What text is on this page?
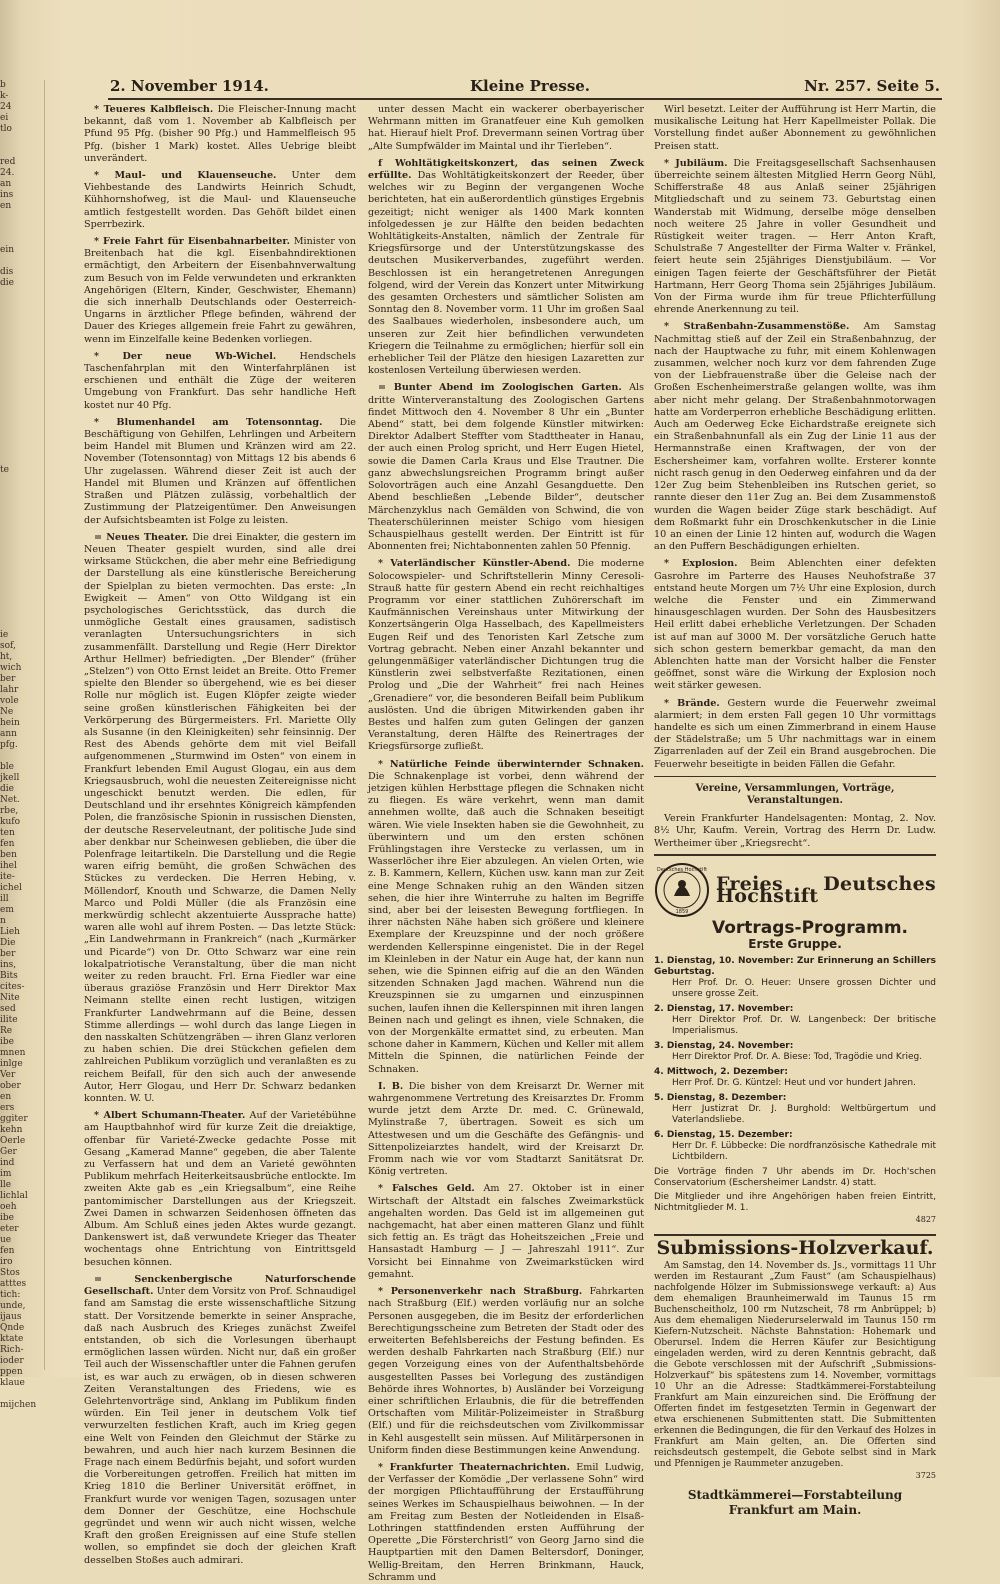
b
k-
24
ei
tlo

red
24.
an
ins
en

ein

dis
die

te

ie
sof,
ht,
wich
ber
lahr
vole
Ne
hein
ann
pfg.

ble
jkell
die
Net.
rbe,
kufo
ten
fen
ben
ihel
ite-
ichel
ill
em
n
Lieh
Die
ber
ins,
Bits
cites-
Nite
sed
ilite
Re
ibe
mnen
inlge
Ver
ober
en
ers
ggiter
kehn
Oerle
Ger
ind
im
lle
lichlal
oeh
ibe
eter
ue
fen
iro
Stos
atttes
tich:
unde,
ijaus
Qnde
ktate
Rich-
ioder
ppen
klaue

mijchen
2. November 1914.	Kleine Presse.	Nr. 257. Seite 5.

* Teueres Kalbfleisch. Die Fleischer-Innung macht bekannt, daß vom 1. November ab Kalbfleisch per Pfund 95 Pfg. (bisher 90 Pfg.) und Hammelfleisch 95 Pfg. (bisher 1 Mark) kostet. Alles Uebrige bleibt unverändert.

* Maul- und Klauenseuche. Unter dem Viehbestande des Landwirts Heinrich Schudt, Kühhornshofweg, ist die Maul- und Klauenseuche amtlich festgestellt worden. Das Gehöft bildet einen Sperrbezirk.

* Freie Fahrt für Eisenbahnarbeiter. Minister von Breitenbach hat die kgl. Eisenbahndirektionen ermächtigt, den Arbeitern der Eisenbahnverwaltung zum Besuch von im Felde verwundeten und erkrankten Angehörigen (Eltern, Kinder, Geschwister, Ehemann) die sich innerhalb Deutschlands oder Oesterreich-Ungarns in ärztlicher Pflege befinden, während der Dauer des Krieges allgemein freie Fahrt zu gewähren, wenn im Einzelfalle keine Bedenken vorliegen.

* Der neue Wb-Wichel. Hendschels Taschenfahrplan mit den Winterfahrplänen ist erschienen und enthält die Züge der weiteren Umgebung von Frankfurt. Das sehr handliche Heft kostet nur 40 Pfg.

* Blumenhandel am Totensonntag. Die Beschäftigung von Gehilfen, Lehrlingen und Arbeitern beim Handel mit Blumen und Kränzen wird am 22. November (Totensonntag) von Mittags 12 bis abends 6 Uhr zugelassen. Während dieser Zeit ist auch der Handel mit Blumen und Kränzen auf öffentlichen Straßen und Plätzen zulässig, vorbehaltlich der Zustimmung der Platzeigentümer. Den Anweisungen der Aufsichtsbeamten ist Folge zu leisten.

= Neues Theater. Die drei Einakter, die gestern im Neuen Theater gespielt wurden, sind alle drei wirksame Stückchen, die aber mehr eine Befriedigung der Darstellung als eine künstlerische Bereicherung der Spielplan zu bieten vermochten. Das erste: „In Ewigkeit — Amen“ von Otto Wildgang ist ein psychologisches Gerichtsstück, das durch die unmögliche Gestalt eines grausamen, sadistisch veranlagten Untersuchungsrichters in sich zusammenfällt. Darstellung und Regie (Herr Direktor Arthur Hellmer) befriedigten. „Der Blender“ (früher „Stelzen“) von Otto Ernst leidet an Breite. Otto Fremer spielte den Blender so übergehend, wie es bei dieser Rolle nur möglich ist. Eugen Klöpfer zeigte wieder seine großen künstlerischen Fähigkeiten bei der Verkörperung des Bürgermeisters. Frl. Mariette Olly als Susanne (in den Kleinigkeiten) sehr feinsinnig. Der Rest des Abends gehörte dem mit viel Beifall aufgenommenen „Sturmwind im Osten“ von einem in Frankfurt lebenden Emil August Glogau, ein aus dem Kriegsausbruch, wohl die neuesten Zeitereignisse nicht ungeschickt benutzt werden. Die edlen, für Deutschland und ihr ersehntes Königreich kämpfenden Polen, die französische Spionin in russischen Diensten, der deutsche Reserveleutnant, der politische Jude sind aber denkbar nur Scheinwesen geblieben, die über die Polenfrage leitartikeln. Die Darstellung und die Regie waren eifrig bemüht, die großen Schwächen des Stückes zu verdecken. Die Herren Hebing, v. Möllendorf, Knouth und Schwarze, die Damen Nelly Marco und Poldi Müller (die als Französin eine merkwürdig schlecht akzentuierte Aussprache hatte) waren alle wohl auf ihrem Posten. — Das letzte Stück: „Ein Landwehrmann in Frankreich“ (nach „Kurmärker und Picarde“) von Dr. Otto Schwarz war eine rein lokalpatriotische Veranstaltung, über die man nicht weiter zu reden braucht. Frl. Erna Fiedler war eine überaus graziöse Französin und Herr Direktor Max Neimann stellte einen recht lustigen, witzigen Frankfurter Landwehrmann auf die Beine, dessen Stimme allerdings — wohl durch das lange Liegen in den nasskalten Schützengräben — ihren Glanz verloren zu haben schien. Die drei Stückchen gefielen dem zahlreichen Publikum vorzüglich und veranlaßten es zu reichem Beifall, für den sich auch der anwesende Autor, Herr Glogau, und Herr Dr. Schwarz bedanken konnten. W. U.

* Albert Schumann-Theater. Auf der Varietébühne am Hauptbahnhof wird für kurze Zeit die dreiaktige, offenbar für Varieté-Zwecke gedachte Posse mit Gesang „Kamerad Manne“ gegeben, die aber Talente zu Verfassern hat und dem an Varieté gewöhnten Publikum mehrfach Heiterkeitsausbrüche entlockte. Im zweiten Akte gab es „ein Kriegsalbum“, eine Reihe pantomimischer Darstellungen aus der Kriegszeit. Zwei Damen in schwarzen Seidenhosen öffneten das Album. Am Schluß eines jeden Aktes wurde gezangt. Dankenswert ist, daß verwundete Krieger das Theater wochentags ohne Entrichtung von Eintrittsgeld besuchen können.

= Senckenbergische Naturforschende Gesellschaft. Unter dem Vorsitz von Prof. Schnaudigel fand am Samstag die erste wissenschaftliche Sitzung statt. Der Vorsitzende bemerkte in seiner Ansprache, daß nach Ausbruch des Krieges zunächst Zweifel entstanden, ob sich die Vorlesungen überhaupt ermöglichen lassen würden. Nicht nur, daß ein großer Teil auch der Wissenschaftler unter die Fahnen gerufen ist, es war auch zu erwägen, ob in diesen schweren Zeiten Veranstaltungen des Friedens, wie es Gelehrtenvorträge sind, Anklang im Publikum finden würden. Ein Teil jener in deutschem Volk tief verwurzelten festlichen Kraft, auch im Krieg gegen eine Welt von Feinden den Gleichmut der Stärke zu bewahren, und auch hier nach kurzem Besinnen die Frage nach einem Bedürfnis bejaht, und sofort wurden die Vorbereitungen getroffen. Freilich hat mitten im Krieg 1810 die Berliner Universität eröffnet, in Frankfurt wurde vor wenigen Tagen, sozusagen unter dem Donner der Geschütze, eine Hochschule gegründet und wenn wir auch nicht wissen, welche Kraft den großen Ereignissen auf eine Stufe stellen wollen, so empfindet sie doch der gleichen Kraft desselben Stoßes auch admirari.

unter dessen Macht ein wackerer oberbayerischer Wehrmann mitten im Granatfeuer eine Kuh gemolken hat. Hierauf hielt Prof. Drevermann seinen Vortrag über „Alte Sumpfwälder im Maintal und ihr Tierleben“.

f Wohltätigkeitskonzert, das seinen Zweck erfüllte. Das Wohltätigkeitskonzert der Reeder, über welches wir zu Beginn der vergangenen Woche berichteten, hat ein außerordentlich günstiges Ergebnis gezeitigt; nicht weniger als 1400 Mark konnten infolgedessen je zur Hälfte den beiden bedachten Wohltätigkeits-Anstalten, nämlich der Zentrale für Kriegsfürsorge und der Unterstützungskasse des deutschen Musikerverbandes, zugeführt werden. Beschlossen ist ein herangetretenen Anregungen folgend, wird der Verein das Konzert unter Mitwirkung des gesamten Orchesters und sämtlicher Solisten am Sonntag den 8. November vorm. 11 Uhr im großen Saal des Saalbaues wiederholen, insbesondere auch, um unseren zur Zeit hier befindlichen verwundeten Kriegern die Teilnahme zu ermöglichen; hierfür soll ein erheblicher Teil der Plätze den hiesigen Lazaretten zur kostenlosen Verteilung überwiesen werden.

= Bunter Abend im Zoologischen Garten. Als dritte Winterveranstaltung des Zoologischen Gartens findet Mittwoch den 4. November 8 Uhr ein „Bunter Abend“ statt, bei dem folgende Künstler mitwirken: Direktor Adalbert Steffter vom Stadttheater in Hanau, der auch einen Prolog spricht, und Herr Eugen Hietel, sowie die Damen Carla Kraus und Else Trautner. Die ganz abwechslungsreichen Programm bringt außer Solovorträgen auch eine Anzahl Gesangduette. Den Abend beschließen „Lebende Bilder“, deutscher Märchenzyklus nach Gemälden von Schwind, die von Theaterschülerinnen meister Schigo vom hiesigen Schauspielhaus gestellt werden. Der Eintritt ist für Abonnenten frei; Nichtabonnenten zahlen 50 Pfennig.

* Vaterländischer Künstler-Abend. Die moderne Solocowspieler- und Schriftstellerin Minny Ceresoli-Strauß hatte für gestern Abend ein recht reichhaltiges Programm vor einer stattlichen Zuhörerschaft im Kaufmännischen Vereinshaus unter Mitwirkung der Konzertsängerin Olga Hasselbach, des Kapellmeisters Eugen Reif und des Tenoristen Karl Zetsche zum Vortrag gebracht. Neben einer Anzahl bekannter und gelungenmäßiger vaterländischer Dichtungen trug die Künstlerin zwei selbstverfaßte Rezitationen, einen Prolog und „Die der Wahrheit“ frei nach Heines „Grenadiere“ vor, die besonderen Beifall beim Publikum auslösten. Und die übrigen Mitwirkenden gaben ihr Bestes und halfen zum guten Gelingen der ganzen Veranstaltung, deren Hälfte des Reinertrages der Kriegsfürsorge zufließt.

* Natürliche Feinde überwinternder Schnaken. Die Schnakenplage ist vorbei, denn während der jetzigen kühlen Herbsttage pflegen die Schnaken nicht zu fliegen. Es wäre verkehrt, wenn man damit annehmen wollte, daß auch die Schnaken beseitigt wären. Wie viele Insekten haben sie die Gewohnheit, zu überwintern und um den ersten schönen Frühlingstagen ihre Verstecke zu verlassen, um in Wasserlöcher ihre Eier abzulegen. An vielen Orten, wie z. B. Kammern, Kellern, Küchen usw. kann man zur Zeit eine Menge Schnaken ruhig an den Wänden sitzen sehen, die hier ihre Winterruhe zu halten im Begriffe sind, aber bei der leisesten Bewegung fortfliegen. In ihrer nächsten Nähe haben sich größere und kleinere Exemplare der Kreuzspinne und der noch größere werdenden Kellerspinne eingenistet. Die in der Regel im Kleinleben in der Natur ein Auge hat, der kann nun sehen, wie die Spinnen eifrig auf die an den Wänden sitzenden Schnaken Jagd machen. Während nun die Kreuzspinnen sie zu umgarnen und einzuspinnen suchen, laufen ihnen die Kellerspinnen mit ihren langen Beinen nach und gelingt es ihnen, viele Schnaken, die von der Morgenkälte ermattet sind, zu erbeuten. Man schone daher in Kammern, Küchen und Keller mit allem Mitteln die Spinnen, die natürlichen Feinde der Schnaken.

I. B. Die bisher von dem Kreisarzt Dr. Werner mit wahrgenommene Vertretung des Kreisarztes Dr. Fromm wurde jetzt dem Arzte Dr. med. C. Grünewald, Mylinstraße 7, übertragen. Soweit es sich um Attestwesen und um die Geschäfte des Gefängnis- und Sittenpolizeiarztes handelt, wird der Kreisarzt Dr. Fromm nach wie vor vom Stadtarzt Sanitätsrat Dr. König vertreten.

* Falsches Geld. Am 27. Oktober ist in einer Wirtschaft der Altstadt ein falsches Zweimarkstück angehalten worden. Das Geld ist im allgemeinen gut nachgemacht, hat aber einen matteren Glanz und fühlt sich fettig an. Es trägt das Hoheitszeichen „Freie und Hansastadt Hamburg — J — Jahreszahl 1911“. Zur Vorsicht bei Einnahme von Zweimarkstücken wird gemahnt.

* Personenverkehr nach Straßburg. Fahrkarten nach Straßburg (Elf.) werden vorläufig nur an solche Personen ausgegeben, die im Besitz der erforderlichen Berechtigungsscheine zum Betreten der Stadt oder des erweiterten Befehlsbereichs der Festung befinden. Es werden deshalb Fahrkarten nach Straßburg (Elf.) nur gegen Vorzeigung eines von der Aufenthaltsbehörde ausgestellten Passes bei Vorlegung des zuständigen Behörde ihres Wohnortes, b) Ausländer bei Vorzeigung einer schriftlichen Erlaubnis, die für die betreffenden Ortschaften vom Militär-Polizeimeister in Straßburg (Elf.) und für die reichsdeutschen vom Zivilkommissar in Kehl ausgestellt sein müssen. Auf Militärpersonen in Uniform finden diese Bestimmungen keine Anwendung.

* Frankfurter Theaternachrichten. Emil Ludwig, der Verfasser der Komödie „Der verlassene Sohn“ wird der morgigen Pflichtaufführung der Erstaufführung seines Werkes im Schauspielhaus beiwohnen. — In der am Freitag zum Besten der Notleidenden in Elsaß-Lothringen stattfindenden ersten Aufführung der Operette „Die Försterchristl“ von Georg Jarno sind die Hauptpartien mit den Damen Beltersdorf, Doninger, Wellig-Breitam, den Herren Brinkmann, Hauck, Schramm und

Wirl besetzt. Leiter der Aufführung ist Herr Martin, die musikalische Leitung hat Herr Kapellmeister Pollak. Die Vorstellung findet außer Abonnement zu gewöhnlichen Preisen statt.

* Jubiläum. Die Freitagsgesellschaft Sachsenhausen überreichte seinem ältesten Mitglied Herrn Georg Nühl, Schifferstraße 48 aus Anlaß seiner 25jährigen Mitgliedschaft und zu seinem 73. Geburtstag einen Wanderstab mit Widmung, derselbe möge denselben noch weitere 25 Jahre in voller Gesundheit und Rüstigkeit weiter tragen. — Herr Anton Kraft, Schulstraße 7 Angestellter der Firma Walter v. Fränkel, feiert heute sein 25jähriges Dienstjubiläum. — Vor einigen Tagen feierte der Geschäftsführer der Pietät Hartmann, Herr Georg Thoma sein 25jähriges Jubiläum. Von der Firma wurde ihm für treue Pflichterfüllung ehrende Anerkennung zu teil.

* Straßenbahn-Zusammenstöße. Am Samstag Nachmittag stieß auf der Zeil ein Straßenbahnzug, der nach der Hauptwache zu fuhr, mit einem Kohlenwagen zusammen, welcher noch kurz vor dem fahrenden Zuge von der Liebfrauenstraße über die Geleise nach der Großen Eschenheimerstraße gelangen wollte, was ihm aber nicht mehr gelang. Der Straßenbahnmotorwagen hatte am Vorderperron erhebliche Beschädigung erlitten. Auch am Oederweg Ecke Eichardstraße ereignete sich ein Straßenbahnunfall als ein Zug der Linie 11 aus der Hermannstraße einen Kraftwagen, der von der Eschersheimer kam, vorfahren wollte. Ersterer konnte nicht rasch genug in den Oederweg einfahren und da der 12er Zug beim Stehenbleiben ins Rutschen geriet, so rannte dieser den 11er Zug an. Bei dem Zusammenstoß wurden die Wagen beider Züge stark beschädigt. Auf dem Roßmarkt fuhr ein Droschkenkutscher in die Linie 10 an einen der Linie 12 hinten auf, wodurch die Wagen an den Puffern Beschädigungen erhielten.

* Explosion. Beim Ablenchten einer defekten Gasrohre im Parterre des Hauses Neuhofstraße 37 entstand heute Morgen um 7½ Uhr eine Explosion, durch welche die Fenster und ein Zimmerwand hinausgeschlagen wurden. Der Sohn des Hausbesitzers Heil erlitt dabei erhebliche Verletzungen. Der Schaden ist auf man auf 3000 M. Der vorsätzliche Geruch hatte sich schon gestern bemerkbar gemacht, da man den Ablenchten hatte man der Vorsicht halber die Fenster geöffnet, sonst wäre die Wirkung der Explosion noch weit stärker gewesen.

* Brände. Gestern wurde die Feuerwehr zweimal alarmiert; in dem ersten Fall gegen 10 Uhr vormittags handelte es sich um einen Zimmerbrand in einem Hause der Städelstraße; um 5 Uhr nachmittags war in einem Zigarrenladen auf der Zeil ein Brand ausgebrochen. Die Feuerwehr beseitigte in beiden Fällen die Gefahr.

Vereine, Versammlungen, Vorträge, Veranstaltungen.

Verein Frankfurter Handelsagenten: Montag, 2. Nov. 8½ Uhr, Kaufm. Verein, Vortrag des Herrn Dr. Ludw. Wertheimer über „Kriegsrecht“.

Deutsches Hochstift
1859
Freies Deutsches Hochstift
Vortrags-Programm.
Erste Gruppe.
1. Dienstag, 10. November: Zur Erinnerung an Schillers Geburtstag.
Herr Prof. Dr. O. Heuer: Unsere grossen Dichter und unsere grosse Zeit.
2. Dienstag, 17. November:
Herr Direktor Prof. Dr. W. Langenbeck: Der britische Imperialismus.
3. Dienstag, 24. November:
Herr Direktor Prof. Dr. A. Biese: Tod, Tragödie und Krieg.
4. Mittwoch, 2. Dezember:
Herr Prof. Dr. G. Küntzel: Heut und vor hundert Jahren.
5. Dienstag, 8. Dezember:
Herr Justizrat Dr. J. Burghold: Weltbürgertum und Vaterlandsliebe.
6. Dienstag, 15. Dezember:
Herr Dr. F. Lübbecke: Die nordfranzösische Kathedrale mit Lichtbildern.
Die Vorträge finden 7 Uhr abends im Dr. Hoch'schen Conservatorium (Eschersheimer Landstr. 4) statt.
Die Mitglieder und ihre Angehörigen haben freien Eintritt, Nichtmitglieder M. 1.
4827
Submissions-Holzverkauf.

Am Samstag, den 14. November ds. Js., vormittags 11 Uhr werden im Restaurant „Zum Faust“ (am Schauspielhaus) nachfolgende Hölzer im Submissionswege verkauft: a) Aus dem ehemaligen Braunheimerwald im Taunus 15 rm Buchenscheitholz, 100 rm Nutzscheit, 78 rm Anbrüppel; b) Aus dem ehemaligen Niederurselerwald im Taunus 150 rm Kiefern-Nutzscheit. Nächste Bahnstation: Hohemark und Oberursel. Indem die Herren Käufer zur Besichtigung eingeladen werden, wird zu deren Kenntnis gebracht, daß die Gebote verschlossen mit der Aufschrift „Submissions-Holzverkauf“ bis spätestens zum 14. November, vormittags 10 Uhr an die Adresse: Stadtkämmerei-Forstabteilung Frankfurt am Main einzureichen sind. Die Eröffnung der Offerten findet im festgesetzten Termin in Gegenwart der etwa erschienenen Submittenten statt. Die Submittenten erkennen die Bedingungen, die für den Verkauf des Holzes in Frankfurt am Main gelten, an. Die Offerten sind reichsdeutsch gestempelt, die Gebote selbst sind in Mark und Pfennigen je Raummeter anzugeben.

3725
Stadtkämmerei—Forstabteilung
Frankfurt am Main.
